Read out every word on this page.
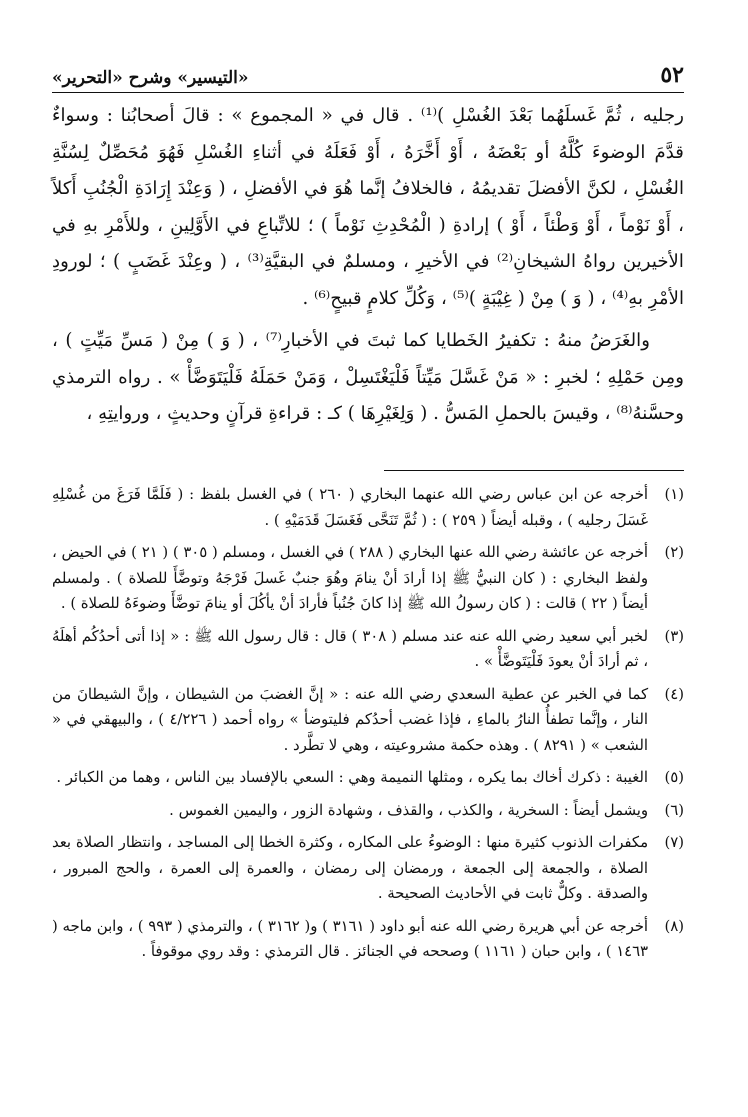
٥٢
«التيسير» وشرح «التحرير»

رجليه ، ثُمَّ غَسلَهُما بَعْدَ الغُسْلِ )⁽¹⁾ . قال في « المجموع » : قالَ أصحابُنا : وسواءٌ قدَّمَ الوضوءَ كُلَّهُ أو بَعْضَهُ ، أَوْ أَخَّرَهُ ، أَوْ فَعَلَهُ في أثناءِ الغُسْلِ فَهُوَ مُحَصِّلٌ لِسُنَّةِ الغُسْلِ ، لكنَّ الأفضلَ تقديمُهُ ، فالخلافُ إنَّما هُوَ في الأفضلِ ، ( وَعِنْدَ إِرَادَةِ الْجُنُبِ أَكلاً ، أَوْ نَوْماً ، أَوْ وَطْئاً ، أَوْ ) إرادةِ ( الْمُحْدِثِ نَوْماً ) ؛ للاتِّباعِ في الأَوَّلِينِ ، وللأَمْرِ بهِ في الأخيرين رواهُ الشيخانِ⁽²⁾ في الأخيرِ ، ومسلمٌ في البقيَّةِ⁽³⁾ ، ( وعِنْدَ غَضَبٍ ) ؛ لورودِ الأمْرِ بهِ⁽⁴⁾ ، ( وَ ) مِنْ ( غِيْبَةٍ )⁽⁵⁾ ، وَكُلِّ كلامٍ قبيحٍ⁽⁶⁾ .

والغَرَضُ منهُ : تكفيرُ الخَطايا كما ثبتَ في الأخبارِ⁽⁷⁾ ، ( وَ ) مِنْ ( مَسِّ مَيِّتٍ ) ، ومِن حَمْلِهِ ؛ لخبرِ : « مَنْ غَسَّلَ مَيِّتاً فَلْيَغْتَسِلْ ، وَمَنْ حَمَلَهُ فَلْيَتَوَضَّأْ » . رواه الترمذي وحسَّنهُ⁽⁸⁾ ، وقيسَ بالحملِ المَسُّ . ( وَلِغَيْرِهَا ) كـ : قراءةِ قرآنٍ وحديثٍ ، وروايتِهِ ،

(١)
أخرجه عن ابن عباس رضي الله عنهما البخاري ( ٢٦٠ ) في الغسل بلفظ : ( فَلَمَّا فَرَغَ من غُسْلِهِ غَسَلَ رجليه ) ، وقبله أيضاً ( ٢٥٩ ) : ( ثُمَّ تَنَحَّى فَغَسَلَ قَدَمَيْهِ ) .
(٢)
أخرجه عن عائشة رضي الله عنها البخاري ( ٢٨٨ ) في الغسل ، ومسلم ( ٣٠٥ ) ( ٢١ ) في الحيض ، ولفظ البخاري : ( كان النبيُّ ﷺ إذا أرادَ أنْ ينامَ وهُوَ جنبٌ غَسلَ فَرْجَهُ وتوضَّأَ للصلاة ) . ولمسلم أيضاً ( ٢٢ ) قالت : ( كان رسولُ الله ﷺ إذا كانَ جُنُباً فأرادَ أنْ يأكُلَ أو ينامَ توضَّأَ وضوءَهُ للصلاة ) .
(٣)
لخبر أبي سعيد رضي الله عنه عند مسلم ( ٣٠٨ ) قال : قال رسول الله ﷺ : « إذا أتى أحدُكُم أهلَهُ ، ثم أرادَ أنْ يعودَ فَلْيَتَوضَّأْ » .
(٤)
كما في الخبر عن عطية السعدي رضي الله عنه : « إنَّ الغضبَ من الشيطان ، وإنَّ الشيطانَ من النار ، وإنَّما تطفأُ النارُ بالماءِ ، فإذا غضب أحدُكم فليتوضأ » رواه أحمد ( ٤/٢٢٦ ) ، والبيهقي في « الشعب » ( ٨٢٩١ ) . وهذه حكمة مشروعيته ، وهي لا تطَّرد .
(٥)
الغيبة : ذكرك أخاك بما يكره ، ومثلها النميمة وهي : السعي بالإفساد بين الناس ، وهما من الكبائر .
(٦)
ويشمل أيضاً : السخرية ، والكذب ، والقذف ، وشهادة الزور ، واليمين الغموس .
(٧)
مكفرات الذنوب كثيرة منها : الوضوءُ على المكاره ، وكثرة الخطا إلى المساجد ، وانتظار الصلاة بعد الصلاة ، والجمعة إلى الجمعة ، ورمضان إلى رمضان ، والعمرة إلى العمرة ، والحج المبرور ، والصدقة . وكلٌّ ثابت في الأحاديث الصحيحة .
(٨)
أخرجه عن أبي هريرة رضي الله عنه أبو داود ( ٣١٦١ ) و( ٣١٦٢ ) ، والترمذي ( ٩٩٣ ) ، وابن ماجه ( ١٤٦٣ ) ، وابن حبان ( ١١٦١ ) وصححه في الجنائز . قال الترمذي : وقد روي موقوفاً .
